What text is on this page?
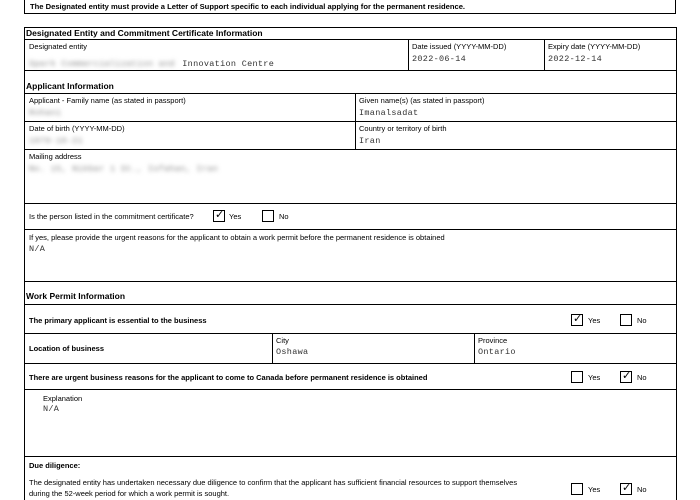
The Designated entity must provide a Letter of Support specific to each individual applying for the permanent residence.
Designated Entity and Commitment Certificate Information
Designated entity
Spark Commercialization and Innovation Centre
Date issued (YYYY-MM-DD)
2022-06-14
Expiry date (YYYY-MM-DD)
2022-12-14
Applicant Information
Applicant - Family name (as stated in passport)
Rohani
Given name(s) (as stated in passport)
Imanalsadat
Date of birth (YYYY-MM-DD)
1979-10-21
Country or territory of birth
Iran
Mailing address
No. 15, Nikbar 1 St., Isfahan, Iran
Is the person listed in the commitment certificate? ✓ Yes	No
If yes, please provide the urgent reasons for the applicant to obtain a work permit before the permanent residence is obtained
N/A
Work Permit Information
The primary applicant is essential to the business	✓ Yes	No
Location of business
City
Oshawa
Province
Ontario
There are urgent business reasons for the applicant to come to Canada before permanent residence is obtained	Yes ✓ No
Explanation
N/A
Due diligence:
The designated entity has undertaken necessary due diligence to confirm that the applicant has sufficient financial resources to support themselves
during the 52-week period for which a work permit is sought.	Yes ✓ No
